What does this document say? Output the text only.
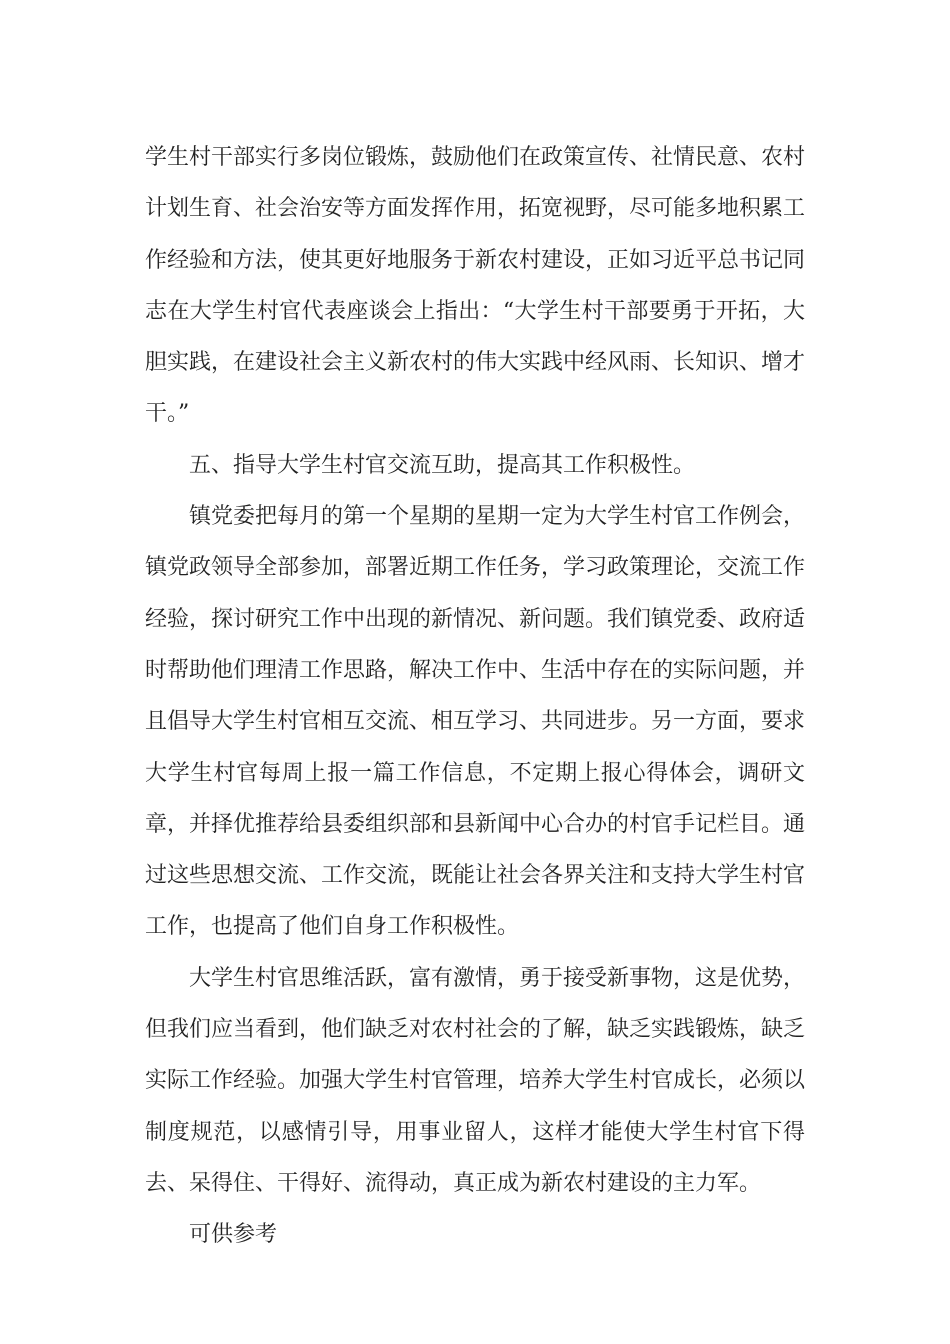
学生村干部实行多岗位锻炼，鼓励他们在政策宣传、社情民意、农村计划生育、社会治安等方面发挥作用，拓宽视野，尽可能多地积累工作经验和方法，使其更好地服务于新农村建设，正如习近平总书记同志在大学生村官代表座谈会上指出：“大学生村干部要勇于开拓，大胆实践，在建设社会主义新农村的伟大实践中经风雨、长知识、增才干。”

五、指导大学生村官交流互助，提高其工作积极性。

镇党委把每月的第一个星期的星期一定为大学生村官工作例会，镇党政领导全部参加，部署近期工作任务，学习政策理论，交流工作经验，探讨研究工作中出现的新情况、新问题。我们镇党委、政府适时帮助他们理清工作思路，解决工作中、生活中存在的实际问题，并且倡导大学生村官相互交流、相互学习、共同进步。另一方面，要求大学生村官每周上报一篇工作信息，不定期上报心得体会，调研文章，并择优推荐给县委组织部和县新闻中心合办的村官手记栏目。通过这些思想交流、工作交流，既能让社会各界关注和支持大学生村官工作，也提高了他们自身工作积极性。

大学生村官思维活跃，富有激情，勇于接受新事物，这是优势，但我们应当看到，他们缺乏对农村社会的了解，缺乏实践锻炼，缺乏实际工作经验。加强大学生村官管理，培养大学生村官成长，必须以制度规范，以感情引导，用事业留人，这样才能使大学生村官下得去、呆得住、干得好、流得动，真正成为新农村建设的主力军。

可供参考
